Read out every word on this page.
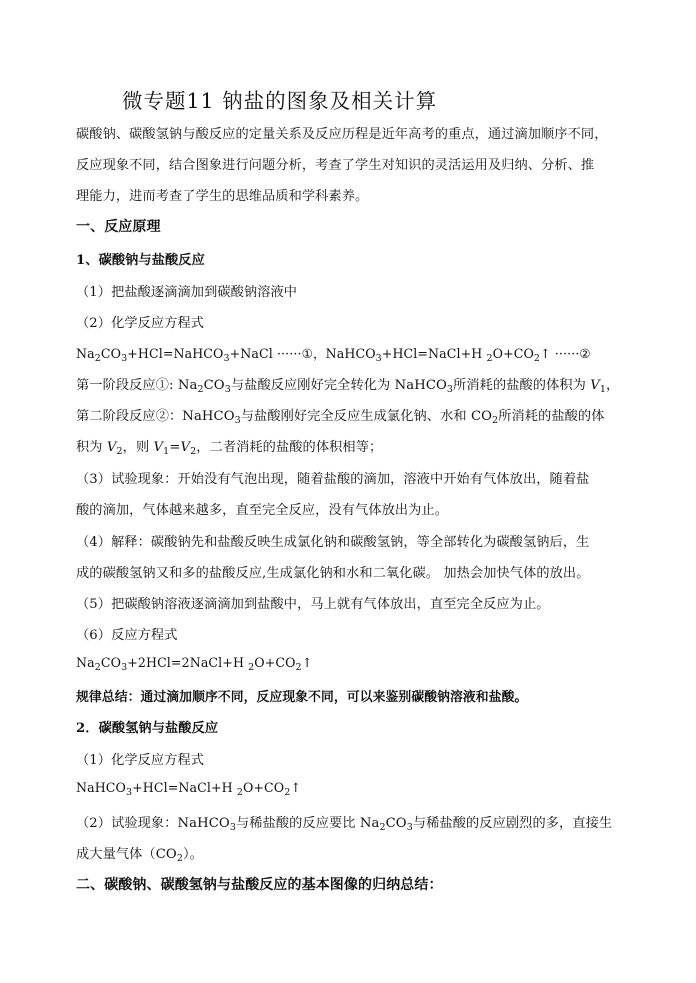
微专题11 钠盐的图象及相关计算
碳酸钠、碳酸氢钠与酸反应的定量关系及反应历程是近年高考的重点，通过滴加顺序不同，
反应现象不同，结合图象进行问题分析，考查了学生对知识的灵活运用及归纳、分析、推
理能力，进而考查了学生的思维品质和学科素养。
一、反应原理
1、碳酸钠与盐酸反应
（1）把盐酸逐滴滴加到碳酸钠溶液中
（2）化学反应方程式
$Na_2CO_3+HCl=NaHCO_3+NaCl$ ······①，NaHCO$_3$+HCl=NaCl+H $_2O+CO_2↑$ ······②
第一阶段反应①: $Na_2CO_3$与盐酸反应刚好完全转化为 NaHCO$_3$所消耗的盐酸的体积为 $V_1$，
第二阶段反应②：NaHCO$_3$与盐酸刚好完全反应生成氯化钠、水和 $CO_2$所消耗的盐酸的体
积为 $V_2$，则 $V_1=V_2$，二者消耗的盐酸的体积相等；
（3）试验现象：开始没有气泡出现，随着盐酸的滴加，溶液中开始有气体放出，随着盐
酸的滴加，气体越来越多，直至完全反应，没有气体放出为止。
（4）解释：碳酸钠先和盐酸反映生成氯化钠和碳酸氢钠，等全部转化为碳酸氢钠后，生
成的碳酸氢钠又和多的盐酸反应,生成氯化钠和水和二氧化碳。 加热会加快气体的放出。
（5）把碳酸钠溶液逐滴滴加到盐酸中，马上就有气体放出，直至完全反应为止。
（6）反应方程式
$Na_2CO_3+2HCl=2NaCl+H$ $_2O+CO_2↑$
规律总结：通过滴加顺序不同，反应现象不同，可以来鉴别碳酸钠溶液和盐酸。
2．碳酸氢钠与盐酸反应
（1）化学反应方程式
NaHCO$_3$+HCl=NaCl+H $_2O+CO_2↑$
（2）试验现象：NaHCO$_3$与稀盐酸的反应要比 $Na_2CO_3$与稀盐酸的反应剧烈的多，直接生
成大量气体$(CO_2)$。
二、碳酸钠、碳酸氢钠与盐酸反应的基本图像的归纳总结：
